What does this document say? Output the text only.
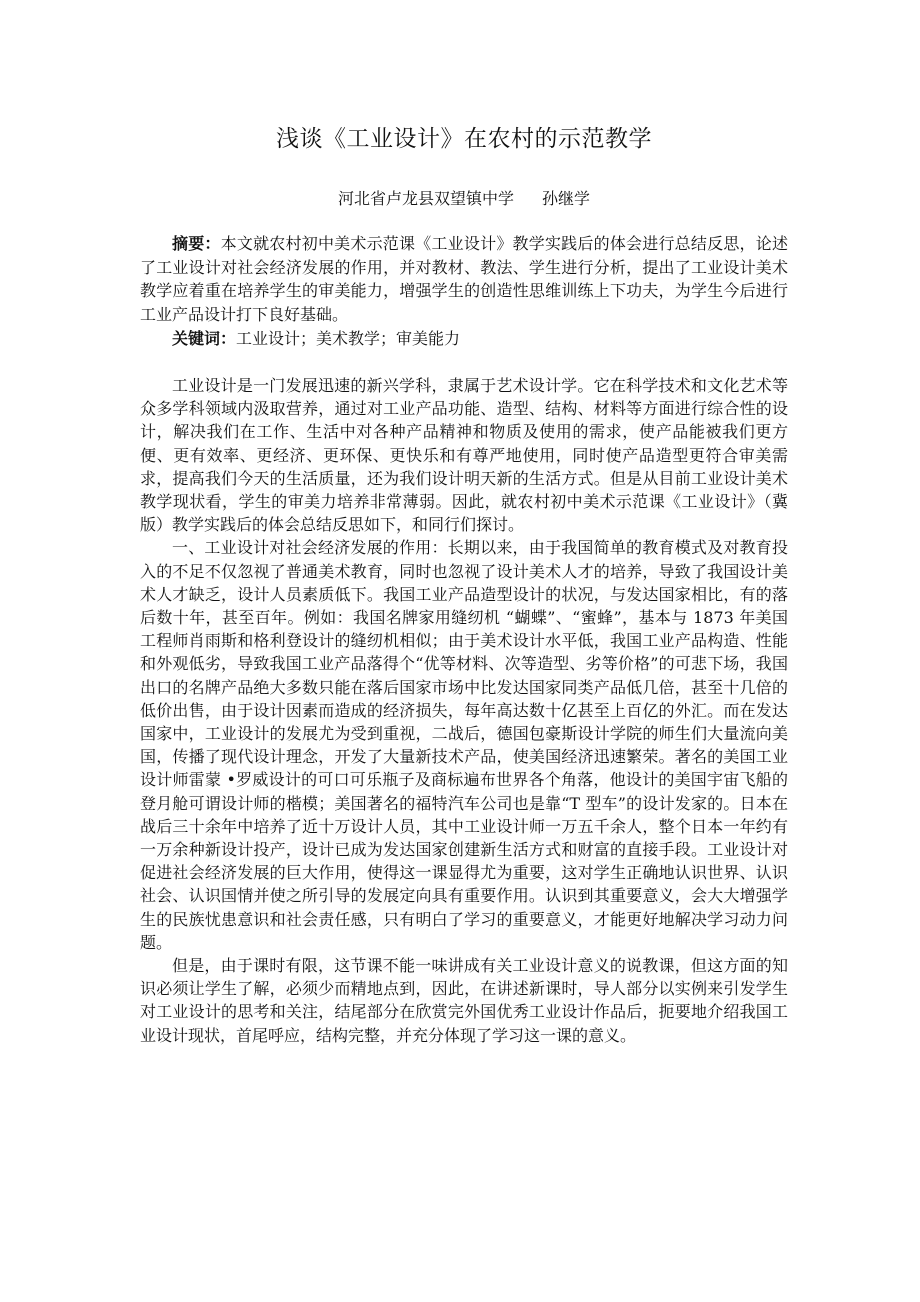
浅谈《工业设计》在农村的示范教学
河北省卢龙县双望镇中学 孙继学

摘要：本文就农村初中美术示范课《工业设计》教学实践后的体会进行总结反思，论述了工业设计对社会经济发展的作用，并对教材、教法、学生进行分析，提出了工业设计美术教学应着重在培养学生的审美能力，增强学生的创造性思维训练上下功夫，为学生今后进行工业产品设计打下良好基础。

关键词：工业设计；美术教学；审美能力

工业设计是一门发展迅速的新兴学科，隶属于艺术设计学。它在科学技术和文化艺术等众多学科领域内汲取营养，通过对工业产品功能、造型、结构、材料等方面进行综合性的设计，解决我们在工作、生活中对各种产品精神和物质及使用的需求，使产品能被我们更方便、更有效率、更经济、更环保、更快乐和有尊严地使用，同时使产品造型更符合审美需求，提高我们今天的生活质量，还为我们设计明天新的生活方式。但是从目前工业设计美术教学现状看，学生的审美力培养非常薄弱。因此，就农村初中美术示范课《工业设计》（冀版）教学实践后的体会总结反思如下，和同行们探讨。

一、工业设计对社会经济发展的作用：长期以来，由于我国简单的教育模式及对教育投入的不足不仅忽视了普通美术教育，同时也忽视了设计美术人才的培养，导致了我国设计美术人才缺乏，设计人员素质低下。我国工业产品造型设计的状况，与发达国家相比，有的落后数十年，甚至百年。例如：我国名牌家用缝纫机 “蝴蝶”、“蜜蜂”，基本与 1873 年美国工程师肖雨斯和格利登设计的缝纫机相似；由于美术设计水平低，我国工业产品构造、性能和外观低劣，导致我国工业产品落得个“优等材料、次等造型、劣等价格”的可悲下场，我国出口的名牌产品绝大多数只能在落后国家市场中比发达国家同类产品低几倍，甚至十几倍的低价出售，由于设计因素而造成的经济损失，每年高达数十亿甚至上百亿的外汇。而在发达国家中，工业设计的发展尤为受到重视，二战后，德国包豪斯设计学院的师生们大量流向美国，传播了现代设计理念，开发了大量新技术产品，使美国经济迅速繁荣。著名的美国工业设计师雷蒙 •罗威设计的可口可乐瓶子及商标遍布世界各个角落，他设计的美国宇宙飞船的登月舱可谓设计师的楷模；美国著名的福特汽车公司也是靠“T 型车”的设计发家的。日本在战后三十余年中培养了近十万设计人员，其中工业设计师一万五千余人，整个日本一年约有一万余种新设计投产，设计已成为发达国家创建新生活方式和财富的直接手段。工业设计对促进社会经济发展的巨大作用，使得这一课显得尤为重要，这对学生正确地认识世界、认识社会、认识国情并使之所引导的发展定向具有重要作用。认识到其重要意义，会大大增强学生的民族忧患意识和社会责任感，只有明白了学习的重要意义，才能更好地解决学习动力问题。

但是，由于课时有限，这节课不能一味讲成有关工业设计意义的说教课，但这方面的知识必须让学生了解，必须少而精地点到，因此，在讲述新课时，导人部分以实例来引发学生对工业设计的思考和关注，结尾部分在欣赏完外国优秀工业设计作品后，扼要地介绍我国工业设计现状，首尾呼应，结构完整，并充分体现了学习这一课的意义。
